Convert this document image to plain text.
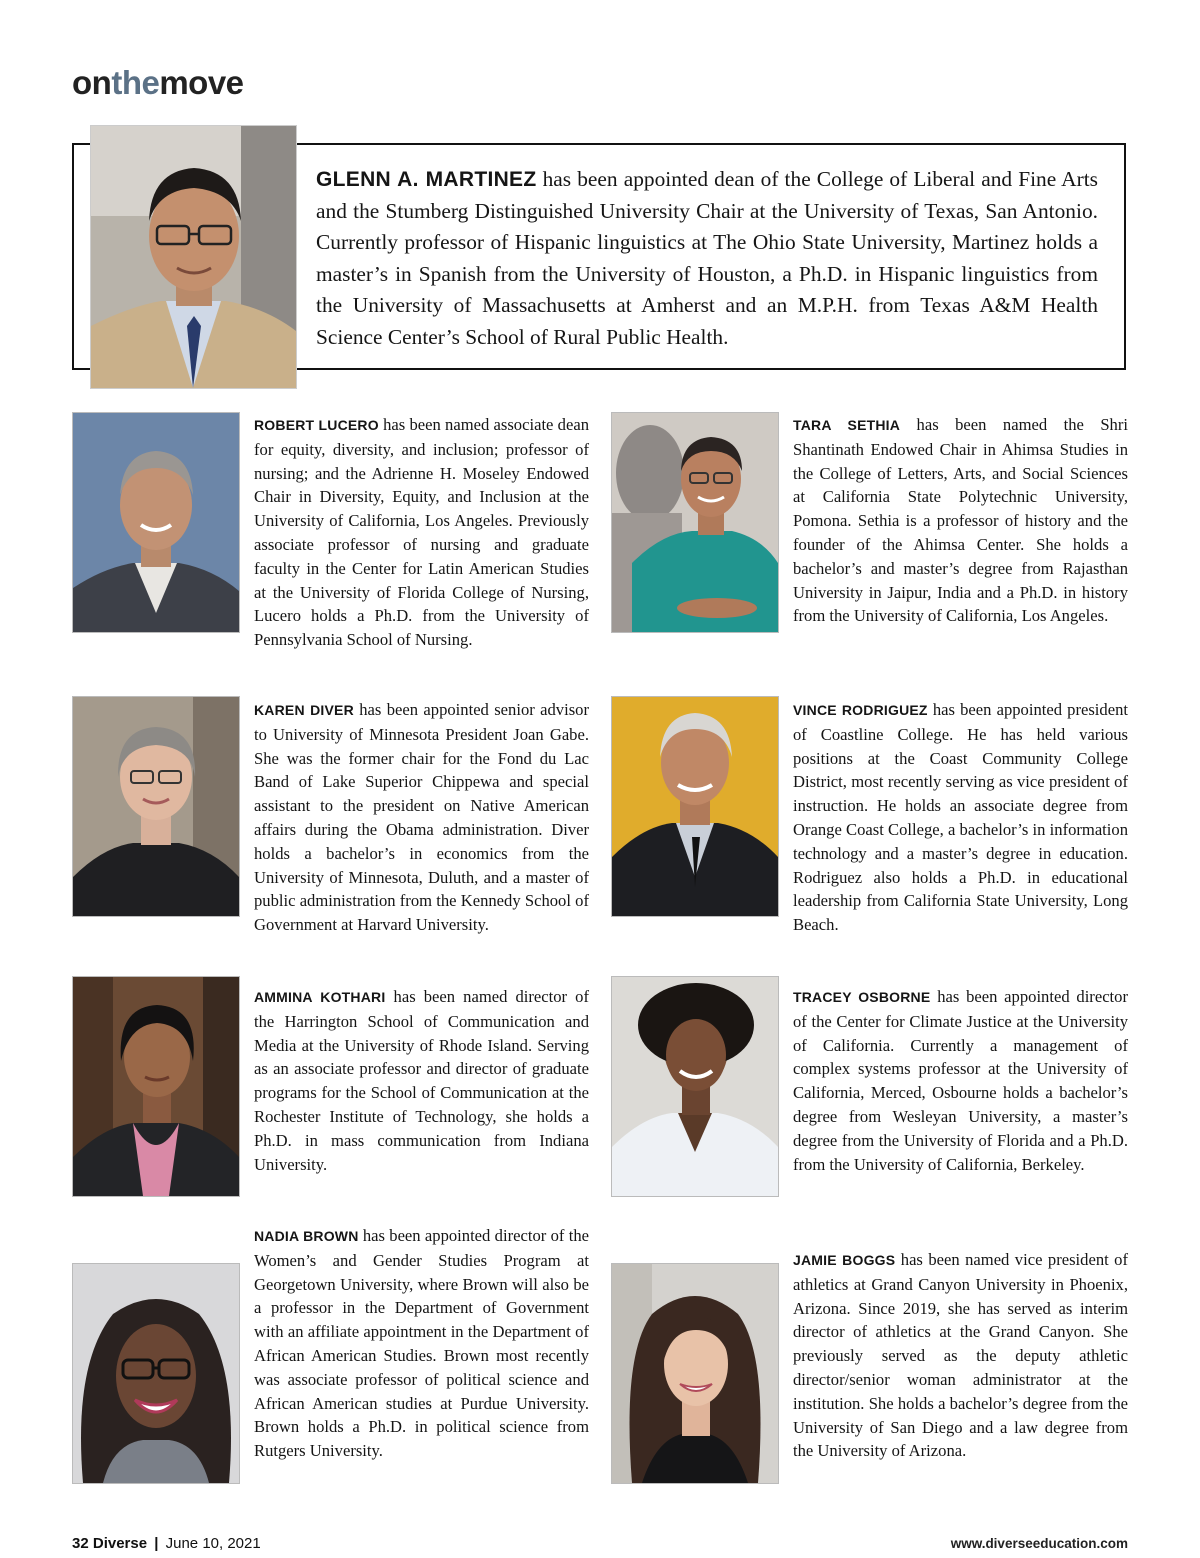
onthemove
GLENN A. MARTINEZ has been appointed dean of the College of Liberal and Fine Arts and the Stumberg Distinguished University Chair at the University of Texas, San Antonio. Currently professor of Hispanic linguistics at The Ohio State University, Martinez holds a master’s in Spanish from the University of Houston, a Ph.D. in Hispanic linguistics from the University of Massachusetts at Amherst and an M.P.H. from Texas A&M Health Science Center’s School of Rural Public Health.
ROBERT LUCERO has been named associate dean for equity, diversity, and inclusion; professor of nursing; and the Adrienne H. Moseley Endowed Chair in Diversity, Equity, and Inclusion at the University of California, Los Angeles. Previously associate professor of nursing and graduate faculty in the Center for Latin American Studies at the University of Florida College of Nursing, Lucero holds a Ph.D. from the University of Pennsylvania School of Nursing.
TARA SETHIA has been named the Shri Shantinath Endowed Chair in Ahimsa Studies in the College of Letters, Arts, and Social Sciences at California State Polytechnic University, Pomona. Sethia is a professor of history and the founder of the Ahimsa Center. She holds a bachelor’s and master’s degree from Rajasthan University in Jaipur, India and a Ph.D. in history from the University of California, Los Angeles.
KAREN DIVER has been appointed senior advisor to University of Minnesota President Joan Gabe. She was the former chair for the Fond du Lac Band of Lake Superior Chippewa and special assistant to the president on Native American affairs during the Obama administration. Diver holds a bachelor’s in economics from the University of Minnesota, Duluth, and a master of public administration from the Kennedy School of Government at Harvard University.
VINCE RODRIGUEZ has been appointed president of Coastline College. He has held various positions at the Coast Community College District, most recently serving as vice president of instruction. He holds an associate degree from Orange Coast College, a bachelor’s in information technology and a master’s degree in education. Rodriguez also holds a Ph.D. in educational leadership from California State University, Long Beach.
AMMINA KOTHARI has been named director of the Harrington School of Communication and Media at the University of Rhode Island. Serving as an associate professor and director of graduate programs for the School of Communication at the Rochester Institute of Technology, she holds a Ph.D. in mass communication from Indiana University.
TRACEY OSBORNE has been appointed director of the Center for Climate Justice at the University of California. Currently a management of complex systems professor at the University of California, Merced, Osbourne holds a bachelor’s degree from Wesleyan University, a master’s degree from the University of Florida and a Ph.D. from the University of California, Berkeley.
NADIA BROWN has been appointed director of the Women’s and Gender Studies Program at Georgetown University, where Brown will also be a professor in the Department of Government with an affiliate appointment in the Department of African American Studies. Brown most recently was associate professor of political science and African American studies at Purdue University. Brown holds a Ph.D. in political science from Rutgers University.
JAMIE BOGGS has been named vice president of athletics at Grand Canyon University in Phoenix, Arizona. Since 2019, she has served as interim director of athletics at the Grand Canyon. She previously served as the deputy athletic director/senior woman administrator at the institution. She holds a bachelor’s degree from the University of San Diego and a law degree from the University of Arizona.
32 Diverse | June 10, 2021	www.diverseeducation.com
